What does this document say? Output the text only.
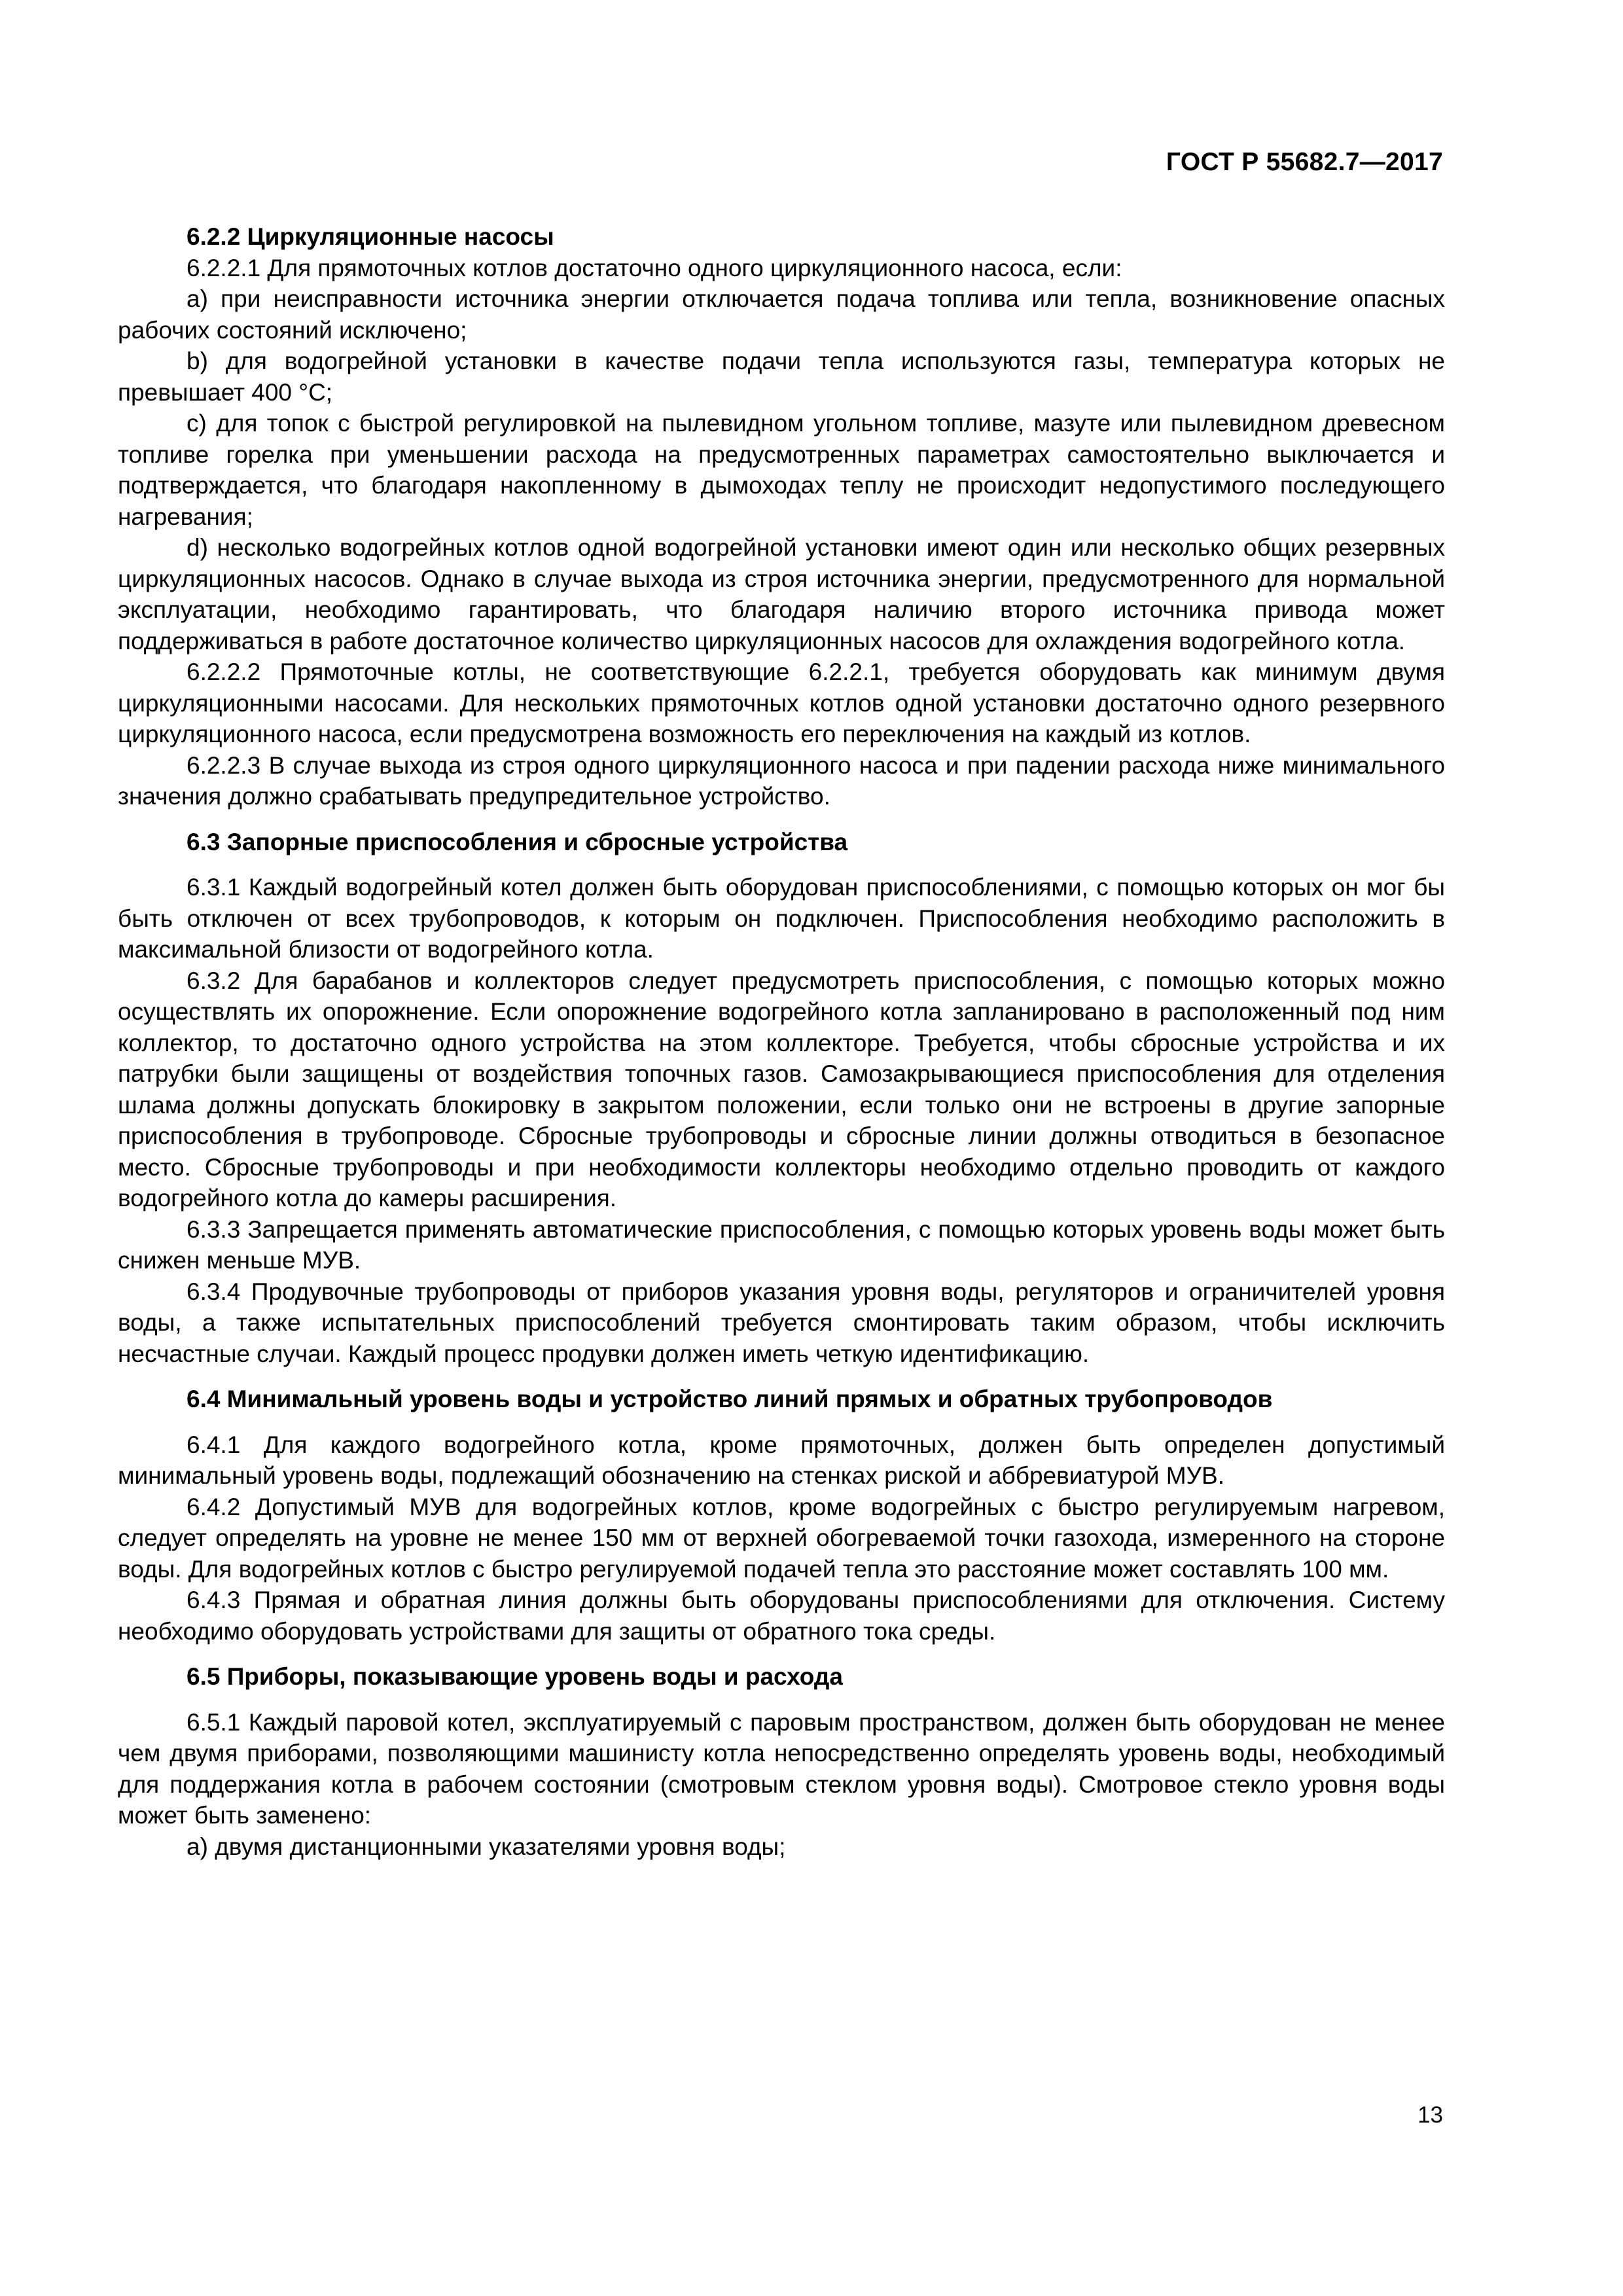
ГОСТ Р 55682.7—2017
6.2.2 Циркуляционные насосы

6.2.2.1 Для прямоточных котлов достаточно одного циркуляционного насоса, если:

a) при неисправности источника энергии отключается подача топлива или тепла, возникновение опасных рабочих состояний исключено;

b) для водогрейной установки в качестве подачи тепла используются газы, температура которых не превышает 400 °С;

c) для топок с быстрой регулировкой на пылевидном угольном топливе, мазуте или пылевидном древесном топливе горелка при уменьшении расхода на предусмотренных параметрах самостоятельно выключается и подтверждается, что благодаря накопленному в дымоходах теплу не происходит недопустимого последующего нагревания;

d) несколько водогрейных котлов одной водогрейной установки имеют один или несколько общих резервных циркуляционных насосов. Однако в случае выхода из строя источника энергии, предусмотренного для нормальной эксплуатации, необходимо гарантировать, что благодаря наличию второго источника привода может поддерживаться в работе достаточное количество циркуляционных насосов для охлаждения водогрейного котла.

6.2.2.2 Прямоточные котлы, не соответствующие 6.2.2.1, требуется оборудовать как минимум двумя циркуляционными насосами. Для нескольких прямоточных котлов одной установки достаточно одного резервного циркуляционного насоса, если предусмотрена возможность его переключения на каждый из котлов.

6.2.2.3 В случае выхода из строя одного циркуляционного насоса и при падении расхода ниже минимального значения должно срабатывать предупредительное устройство.

6.3 Запорные приспособления и сбросные устройства

6.3.1 Каждый водогрейный котел должен быть оборудован приспособлениями, с помощью которых он мог бы быть отключен от всех трубопроводов, к которым он подключен. Приспособления необходимо расположить в максимальной близости от водогрейного котла.

6.3.2 Для барабанов и коллекторов следует предусмотреть приспособления, с помощью которых можно осуществлять их опорожнение. Если опорожнение водогрейного котла запланировано в расположенный под ним коллектор, то достаточно одного устройства на этом коллекторе. Требуется, чтобы сбросные устройства и их патрубки были защищены от воздействия топочных газов. Самозакрывающиеся приспособления для отделения шлама должны допускать блокировку в закрытом положении, если только они не встроены в другие запорные приспособления в трубопроводе. Сбросные трубопроводы и сбросные линии должны отводиться в безопасное место. Сбросные трубопроводы и при необходимости коллекторы необходимо отдельно проводить от каждого водогрейного котла до камеры расширения.

6.3.3 Запрещается применять автоматические приспособления, с помощью которых уровень воды может быть снижен меньше МУВ.

6.3.4 Продувочные трубопроводы от приборов указания уровня воды, регуляторов и ограничителей уровня воды, а также испытательных приспособлений требуется смонтировать таким образом, чтобы исключить несчастные случаи. Каждый процесс продувки должен иметь четкую идентификацию.

6.4 Минимальный уровень воды и устройство линий прямых и обратных трубопроводов

6.4.1 Для каждого водогрейного котла, кроме прямоточных, должен быть определен допустимый минимальный уровень воды, подлежащий обозначению на стенках риской и аббревиатурой МУВ.

6.4.2 Допустимый МУВ для водогрейных котлов, кроме водогрейных с быстро регулируемым нагревом, следует определять на уровне не менее 150 мм от верхней обогреваемой точки газохода, измеренного на стороне воды. Для водогрейных котлов с быстро регулируемой подачей тепла это расстояние может составлять 100 мм.

6.4.3 Прямая и обратная линия должны быть оборудованы приспособлениями для отключения. Систему необходимо оборудовать устройствами для защиты от обратного тока среды.

6.5 Приборы, показывающие уровень воды и расхода

6.5.1 Каждый паровой котел, эксплуатируемый с паровым пространством, должен быть оборудован не менее чем двумя приборами, позволяющими машинисту котла непосредственно определять уровень воды, необходимый для поддержания котла в рабочем состоянии (смотровым стеклом уровня воды). Смотровое стекло уровня воды может быть заменено:

a) двумя дистанционными указателями уровня воды;

13
